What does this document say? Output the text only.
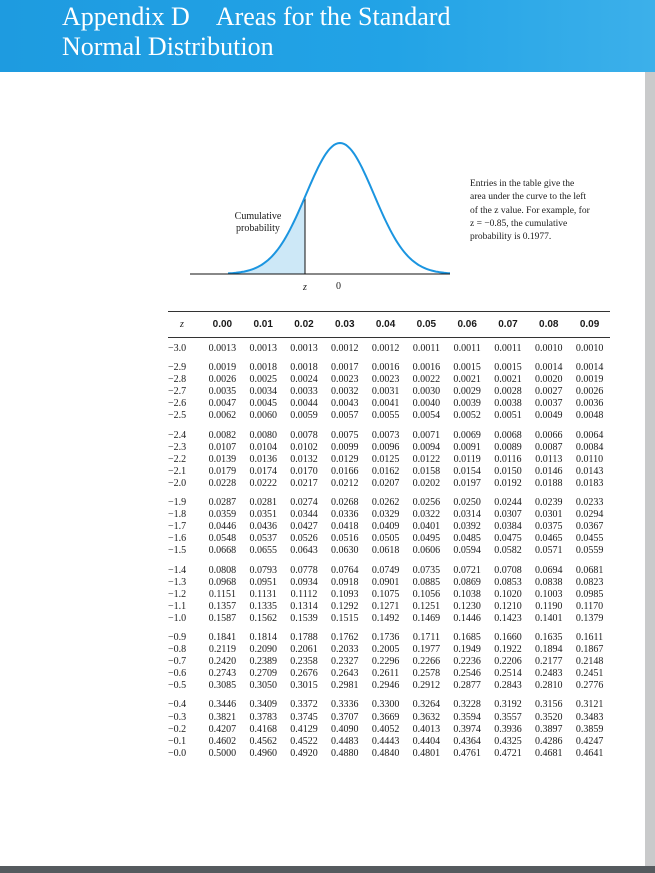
Appendix D Areas for the Standard
Normal Distribution
Cumulative probability
z	0
Entries in the table give the area under the curve to the left of the z value. For example, for z = −0.85, the cumulative probability is 0.1977.
z	0.00	0.01	0.02	0.03	0.04	0.05	0.06	0.07	0.08	0.09

−3.0	0.0013	0.0013	0.0013	0.0012	0.0012	0.0011	0.0011	0.0011	0.0010	0.0010

−2.9	0.0019	0.0018	0.0018	0.0017	0.0016	0.0016	0.0015	0.0015	0.0014	0.0014
−2.8	0.0026	0.0025	0.0024	0.0023	0.0023	0.0022	0.0021	0.0021	0.0020	0.0019
−2.7	0.0035	0.0034	0.0033	0.0032	0.0031	0.0030	0.0029	0.0028	0.0027	0.0026
−2.6	0.0047	0.0045	0.0044	0.0043	0.0041	0.0040	0.0039	0.0038	0.0037	0.0036
−2.5	0.0062	0.0060	0.0059	0.0057	0.0055	0.0054	0.0052	0.0051	0.0049	0.0048

−2.4	0.0082	0.0080	0.0078	0.0075	0.0073	0.0071	0.0069	0.0068	0.0066	0.0064
−2.3	0.0107	0.0104	0.0102	0.0099	0.0096	0.0094	0.0091	0.0089	0.0087	0.0084
−2.2	0.0139	0.0136	0.0132	0.0129	0.0125	0.0122	0.0119	0.0116	0.0113	0.0110
−2.1	0.0179	0.0174	0.0170	0.0166	0.0162	0.0158	0.0154	0.0150	0.0146	0.0143
−2.0	0.0228	0.0222	0.0217	0.0212	0.0207	0.0202	0.0197	0.0192	0.0188	0.0183

−1.9	0.0287	0.0281	0.0274	0.0268	0.0262	0.0256	0.0250	0.0244	0.0239	0.0233
−1.8	0.0359	0.0351	0.0344	0.0336	0.0329	0.0322	0.0314	0.0307	0.0301	0.0294
−1.7	0.0446	0.0436	0.0427	0.0418	0.0409	0.0401	0.0392	0.0384	0.0375	0.0367
−1.6	0.0548	0.0537	0.0526	0.0516	0.0505	0.0495	0.0485	0.0475	0.0465	0.0455
−1.5	0.0668	0.0655	0.0643	0.0630	0.0618	0.0606	0.0594	0.0582	0.0571	0.0559

−1.4	0.0808	0.0793	0.0778	0.0764	0.0749	0.0735	0.0721	0.0708	0.0694	0.0681
−1.3	0.0968	0.0951	0.0934	0.0918	0.0901	0.0885	0.0869	0.0853	0.0838	0.0823
−1.2	0.1151	0.1131	0.1112	0.1093	0.1075	0.1056	0.1038	0.1020	0.1003	0.0985
−1.1	0.1357	0.1335	0.1314	0.1292	0.1271	0.1251	0.1230	0.1210	0.1190	0.1170
−1.0	0.1587	0.1562	0.1539	0.1515	0.1492	0.1469	0.1446	0.1423	0.1401	0.1379

−0.9	0.1841	0.1814	0.1788	0.1762	0.1736	0.1711	0.1685	0.1660	0.1635	0.1611
−0.8	0.2119	0.2090	0.2061	0.2033	0.2005	0.1977	0.1949	0.1922	0.1894	0.1867
−0.7	0.2420	0.2389	0.2358	0.2327	0.2296	0.2266	0.2236	0.2206	0.2177	0.2148
−0.6	0.2743	0.2709	0.2676	0.2643	0.2611	0.2578	0.2546	0.2514	0.2483	0.2451
−0.5	0.3085	0.3050	0.3015	0.2981	0.2946	0.2912	0.2877	0.2843	0.2810	0.2776

−0.4	0.3446	0.3409	0.3372	0.3336	0.3300	0.3264	0.3228	0.3192	0.3156	0.3121
−0.3	0.3821	0.3783	0.3745	0.3707	0.3669	0.3632	0.3594	0.3557	0.3520	0.3483
−0.2	0.4207	0.4168	0.4129	0.4090	0.4052	0.4013	0.3974	0.3936	0.3897	0.3859
−0.1	0.4602	0.4562	0.4522	0.4483	0.4443	0.4404	0.4364	0.4325	0.4286	0.4247
−0.0	0.5000	0.4960	0.4920	0.4880	0.4840	0.4801	0.4761	0.4721	0.4681	0.4641
